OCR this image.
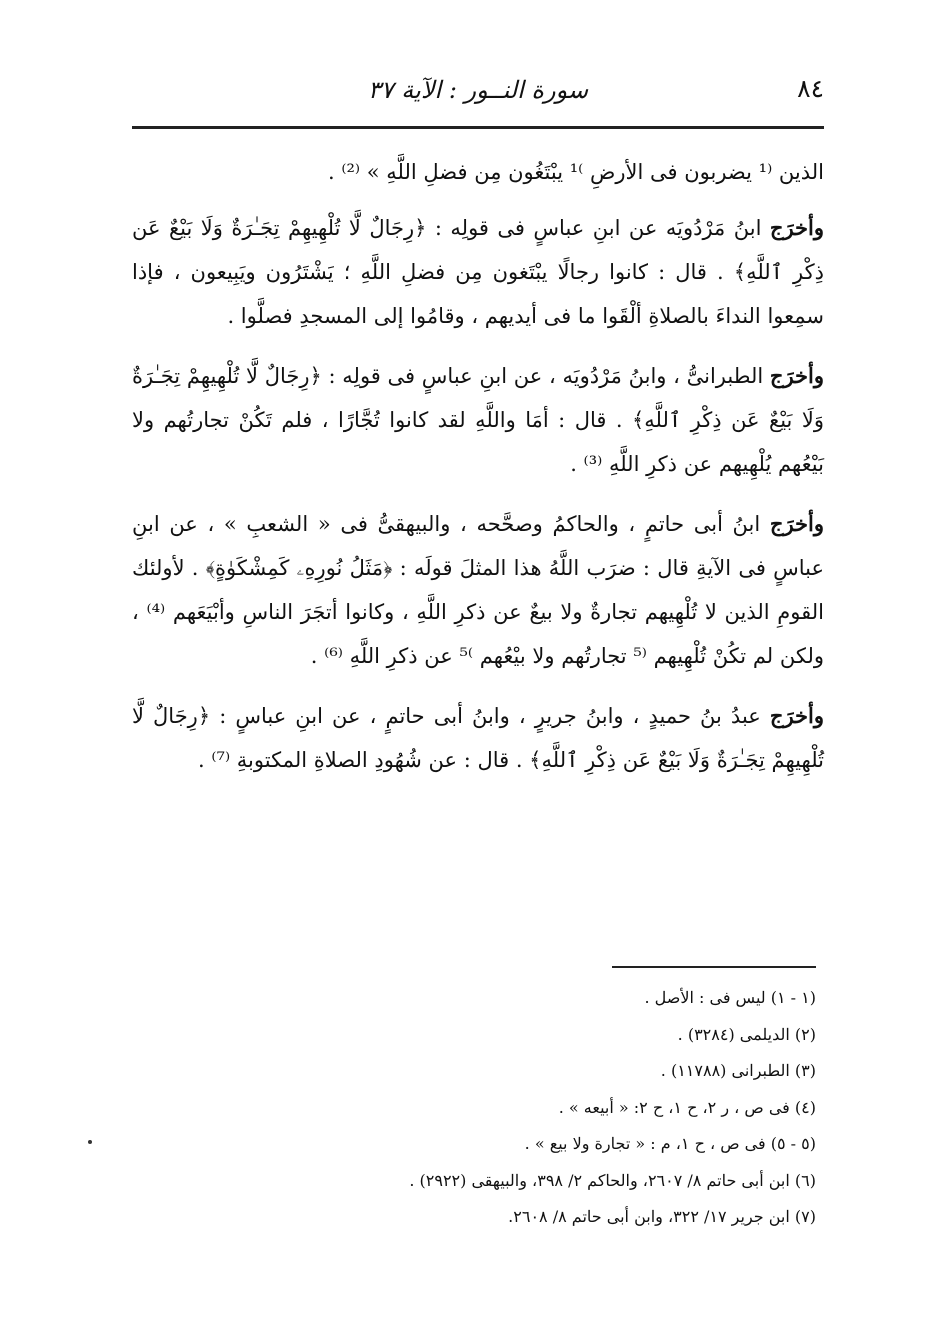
٨٤
سورة النــور : الآية ٣٧

الذين ⁽¹ يضربون فى الأرضِ ⁾¹ يبْتَغُون مِن فضلِ اللَّهِ » ⁽²⁾ .

وأخرَج ابنُ مَرْدُويَه عن ابنِ عباسٍ فى قولِه : ﴿رِجَالٌ لَّا تُلْهِيهِمْ تِجَـٰرَةٌ وَلَا بَيْعٌ عَن ذِكْرِ ٱللَّهِ﴾ . قال : كانوا رجالًا يبْتَغون مِن فضلِ اللَّهِ ؛ يَشْتَرُون ويَبِيعون ، فإذا سمِعوا النداءَ بالصلاةِ ألْقَوا ما فى أيديهم ، وقامُوا إلى المسجدِ فصلَّوا .

وأخرَج الطبرانىُّ ، وابنُ مَرْدُويَه ، عن ابنِ عباسٍ فى قولِه : ﴿رِجَالٌ لَّا تُلْهِيهِمْ تِجَـٰرَةٌ وَلَا بَيْعٌ عَن ذِكْرِ ٱللَّهِ﴾ . قال : أمَا واللَّهِ لقد كانوا تُجَّارًا ، فلم تَكُنْ تجارتُهم ولا بَيْعُهم يُلْهِيهم عن ذكرِ اللَّهِ ⁽³⁾ .

وأخرَج ابنُ أبى حاتمٍ ، والحاكمُ وصحَّحه ، والبيهقىُّ فى « الشعبِ » ، عن ابنِ عباسٍ فى الآيةِ قال : ضرَب اللَّهُ هذا المثلَ قولَه : ﴿مَثَلُ نُورِهِۦ كَمِشْكَوٰةٍ﴾ . لأولئك القومِ الذين لا تُلْهِيهم تجارةٌ ولا بيعٌ عن ذكرِ اللَّهِ ، وكانوا أتجَرَ الناسِ وأبْيَعَهم ⁽⁴⁾ ، ولكن لم تكُنْ تُلْهِيهم ⁽⁵ تجارتُهم ولا بيْعُهم ⁾⁵ عن ذكرِ اللَّهِ ⁽⁶⁾ .

وأخرَج عبدُ بنُ حميدٍ ، وابنُ جريرٍ ، وابنُ أبى حاتمٍ ، عن ابنِ عباسٍ : ﴿رِجَالٌ لَّا تُلْهِيهِمْ تِجَـٰرَةٌ وَلَا بَيْعٌ عَن ذِكْرِ ٱللَّهِ﴾ . قال : عن شُهُودِ الصلاةِ المكتوبةِ ⁽⁷⁾ .

(١ - ١) ليس فى : الأصل .
(٢) الديلمى (٣٢٨٤) .
(٣) الطبرانى (١١٧٨٨) .
(٤) فى ص ، ر ٢، ح ١، ح ٢: « أبيعه » .
(٥ - ٥) فى ص ، ح ١، م : « تجارة ولا بيع » .
(٦) ابن أبى حاتم ٨/ ٢٦٠٧، والحاكم ٢/ ٣٩٨، والبيهقى (٢٩٢٢) .
(٧) ابن جرير ١٧/ ٣٢٢، وابن أبى حاتم ٨/ ٢٦٠٨.
